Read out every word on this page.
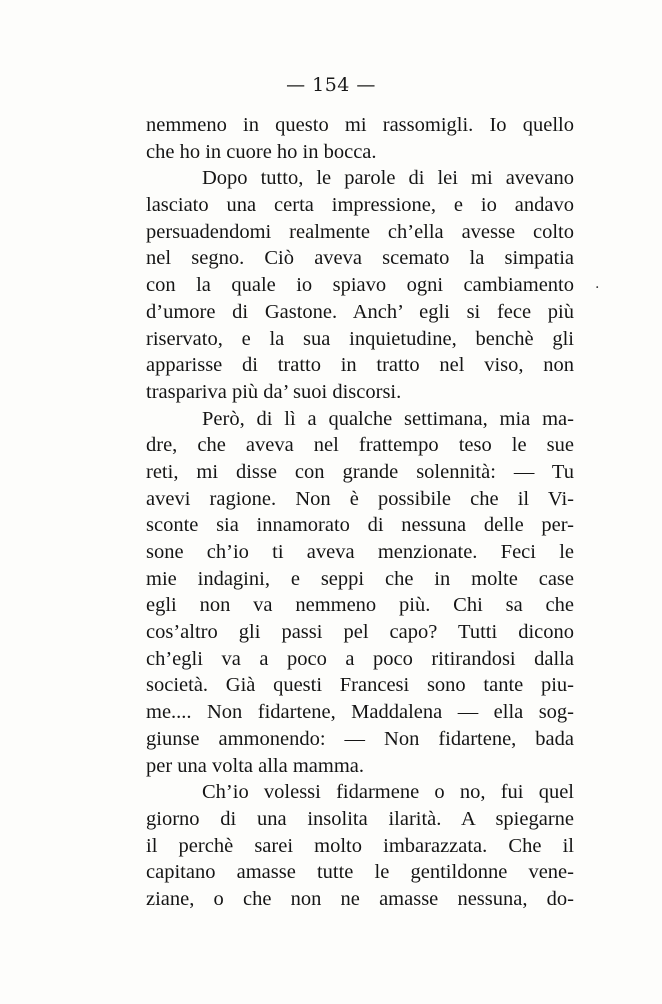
— 154 —
.
nemmeno in questo mi rassomigli. Io quello
che ho in cuore ho in bocca.
Dopo tutto, le parole di lei mi avevano
lasciato una certa impressione, e io andavo
persuadendomi realmente ch’ella avesse colto
nel segno. Ciò aveva scemato la simpatia
con la quale io spiavo ogni cambiamento
d’umore di Gastone. Anch’ egli si fece più
riservato, e la sua inquietudine, benchè gli
apparisse di tratto in tratto nel viso, non
traspariva più da’ suoi discorsi.
Però, di lì a qualche settimana, mia ma-
dre, che aveva nel frattempo teso le sue
reti, mi disse con grande solennità: — Tu
avevi ragione. Non è possibile che il Vi-
sconte sia innamorato di nessuna delle per-
sone ch’io ti aveva menzionate. Feci le
mie indagini, e seppi che in molte case
egli non va nemmeno più. Chi sa che
cos’altro gli passi pel capo? Tutti dicono
ch’egli va a poco a poco ritirandosi dalla
società. Già questi Francesi sono tante piu-
me.... Non fidartene, Maddalena — ella sog-
giunse ammonendo: — Non fidartene, bada
per una volta alla mamma.
Ch’io volessi fidarmene o no, fui quel
giorno di una insolita ilarità. A spiegarne
il perchè sarei molto imbarazzata. Che il
capitano amasse tutte le gentildonne vene-
ziane, o che non ne amasse nessuna, do-
